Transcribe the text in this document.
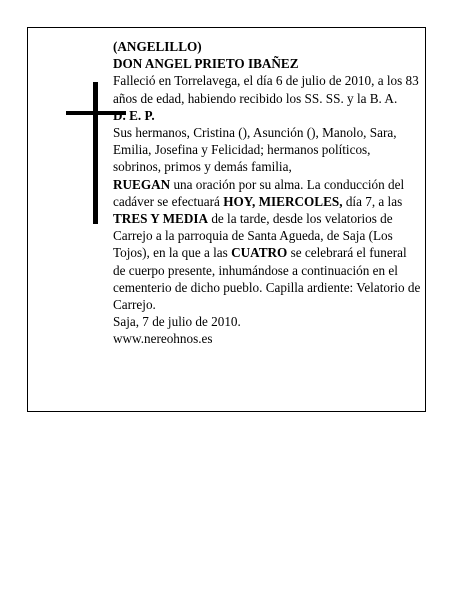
(ANGELILLO)

DON ANGEL PRIETO IBAÑEZ

Falleció en Torrelavega, el día 6 de julio de 2010, a los 83 años de edad, habiendo recibido los SS. SS. y la B. A.

D. E. P.

Sus hermanos, Cristina (), Asunción (), Manolo, Sara, Emilia, Josefina y Felicidad; hermanos políticos, sobrinos, primos y demás familia,

RUEGAN una oración por su alma. La conducción del cadáver se efectuará HOY, MIERCOLES, día 7, a las TRES Y MEDIA de la tarde, desde los velatorios de Carrejo a la parroquia de Santa Agueda, de Saja (Los Tojos), en la que a las CUATRO se celebrará el funeral de cuerpo presente, inhumándose a continuación en el cementerio de dicho pueblo. Capilla ardiente: Velatorio de Carrejo.

Saja, 7 de julio de 2010.

www.nereohnos.es
